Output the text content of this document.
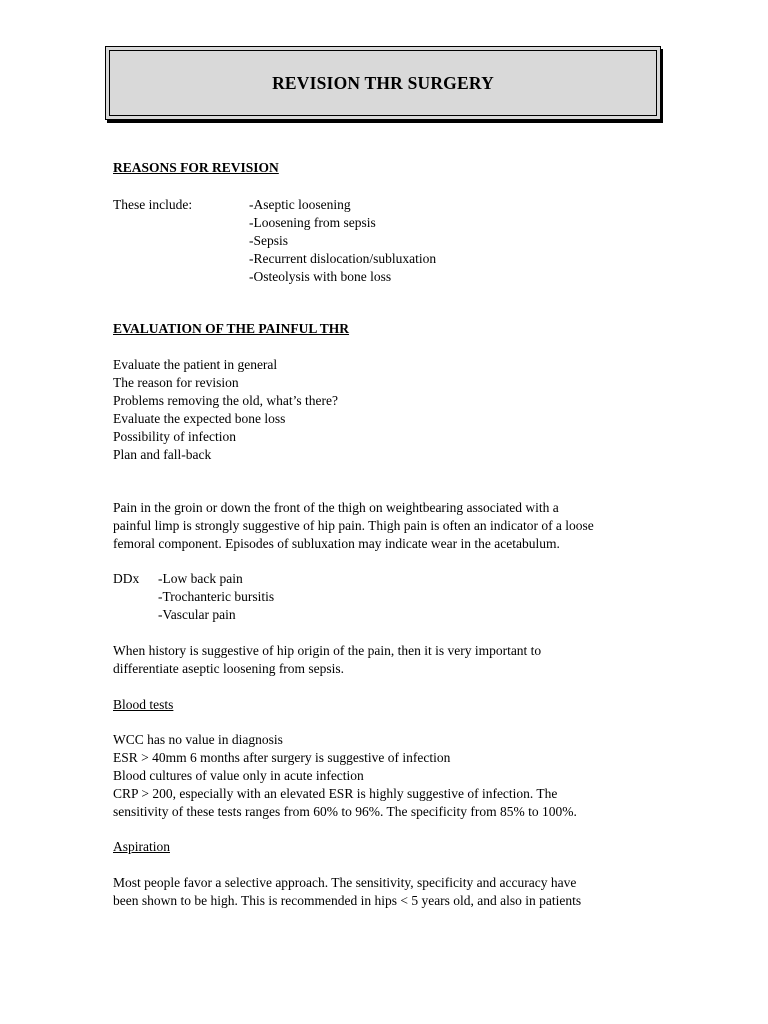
REVISION THR SURGERY
REASONS FOR REVISION
These include:	-Aseptic loosening
-Loosening from sepsis
-Sepsis
-Recurrent dislocation/subluxation
-Osteolysis with bone loss
EVALUATION OF THE PAINFUL THR
Evaluate the patient in general
The reason for revision
Problems removing the old, what’s there?
Evaluate the expected bone loss
Possibility of infection
Plan and fall-back
Pain in the groin or down the front of the thigh on weightbearing associated with a
painful limp is strongly suggestive of hip pain. Thigh pain is often an indicator of a loose
femoral component. Episodes of subluxation may indicate wear in the acetabulum.
DDx -Low back pain
-Trochanteric bursitis
-Vascular pain
When history is suggestive of hip origin of the pain, then it is very important to
differentiate aseptic loosening from sepsis.
Blood tests
WCC has no value in diagnosis
ESR > 40mm 6 months after surgery is suggestive of infection
Blood cultures of value only in acute infection
CRP > 200, especially with an elevated ESR is highly suggestive of infection. The
sensitivity of these tests ranges from 60% to 96%. The specificity from 85% to 100%.
Aspiration
Most people favor a selective approach. The sensitivity, specificity and accuracy have
been shown to be high. This is recommended in hips < 5 years old, and also in patients
